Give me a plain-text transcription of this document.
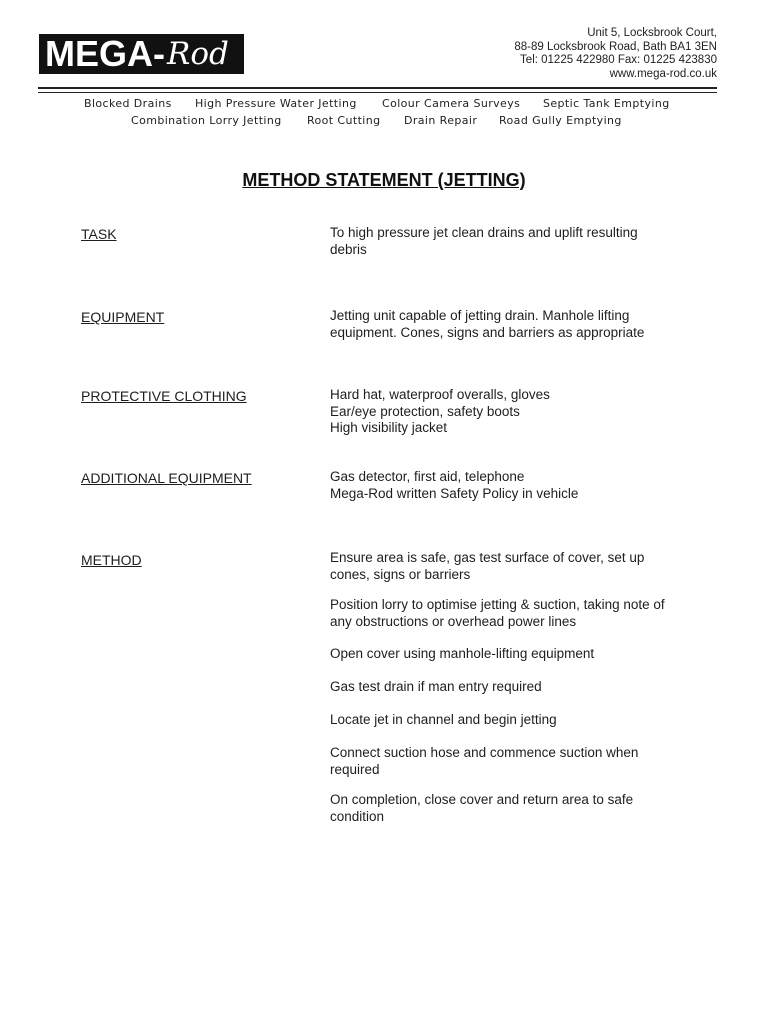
MEGA- Rod
Unit 5, Locksbrook Court,
88-89 Locksbrook Road, Bath BA1 3EN
Tel: 01225 422980 Fax: 01225 423830
www.mega-rod.co.uk
Blocked Drains High Pressure Water Jetting Colour Camera Surveys Septic Tank Emptying
Combination Lorry Jetting Root Cutting Drain Repair Road Gully Emptying
METHOD STATEMENT (JETTING)
TASK	To high pressure jet clean drains and uplift resulting
debris
EQUIPMENT	Jetting unit capable of jetting drain. Manhole lifting
equipment. Cones, signs and barriers as appropriate
PROTECTIVE CLOTHING	Hard hat, waterproof overalls, gloves
Ear/eye protection, safety boots
High visibility jacket
ADDITIONAL EQUIPMENT	Gas detector, first aid, telephone
Mega-Rod written Safety Policy in vehicle
METHOD	Ensure area is safe, gas test surface of cover, set up
cones, signs or barriers
Position lorry to optimise jetting & suction, taking note of
any obstructions or overhead power lines
Open cover using manhole-lifting equipment
Gas test drain if man entry required
Locate jet in channel and begin jetting
Connect suction hose and commence suction when
required
On completion, close cover and return area to safe
condition
